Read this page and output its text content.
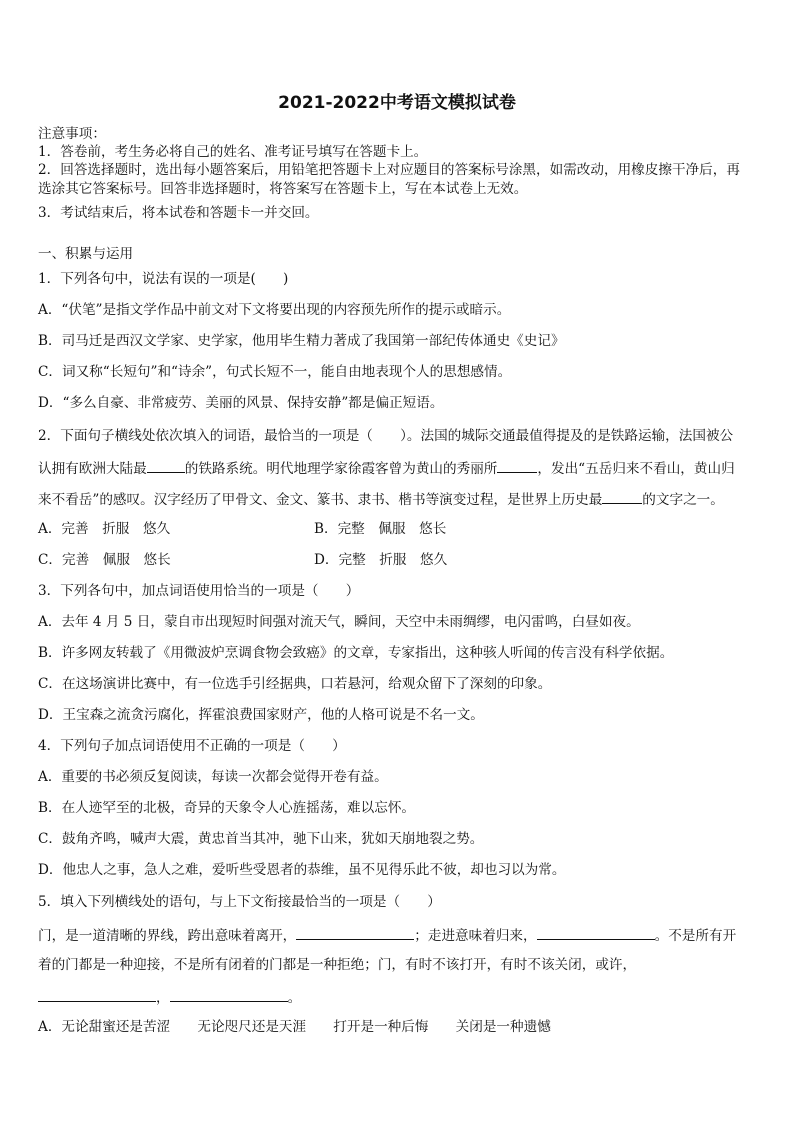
2021-2022中考语文模拟试卷
注意事项：
1．答卷前，考生务必将自己的姓名、准考证号填写在答题卡上。
2．回答选择题时，选出每小题答案后，用铅笔把答题卡上对应题目的答案标号涂黑，如需改动，用橡皮擦干净后，再
选涂其它答案标号。回答非选择题时，将答案写在答题卡上，写在本试卷上无效。
3．考试结束后，将本试卷和答题卡一并交回。
一、积累与运用
1．下列各句中，说法有误的一项是(　　)
A．“伏笔”是指文学作品中前文对下文将要出现的内容预先所作的提示或暗示。
B．司马迁是西汉文学家、史学家，他用毕生精力著成了我国第一部纪传体通史《史记》
C．词又称“长短句”和“诗余”，句式长短不一，能自由地表现个人的思想感情。
D．“多么自豪、非常疲劳、美丽的风景、保持安静”都是偏正短语。
2．下面句子横线处依次填入的词语，最恰当的一项是（　　）。法国的城际交通最值得提及的是铁路运输，法国被公
认拥有欧洲大陆最	的铁路系统。明代地理学家徐霞客曾为黄山的秀丽所	，发出“五岳归来不看山，黄山归
来不看岳”的感叹。汉字经历了甲骨文、金文、篆书、隶书、楷书等演变过程，是世界上历史最	的文字之一。
A．完善　折服　悠久	B．完整　佩服　悠长
C．完善　佩服　悠长	D．完整　折服　悠久
3．下列各句中，加点词语使用恰当的一项是（　　）
A．去年 4 月 5 日，蒙自市出现短时间强对流天气，瞬间，天空中未雨绸缪，电闪雷鸣，白昼如夜。
B．许多网友转载了《用微波炉烹调食物会致癌》的文章，专家指出，这种骇人听闻的传言没有科学依据。
C．在这场演讲比赛中，有一位选手引经据典，口若悬河，给观众留下了深刻的印象。
D．王宝森之流贪污腐化，挥霍浪费国家财产，他的人格可说是不名一文。
4．下列句子加点词语使用不正确的一项是（　　）
A．重要的书必须反复阅读，每读一次都会觉得开卷有益。
B．在人迹罕至的北极，奇异的天象令人心旌摇荡，难以忘怀。
C．鼓角齐鸣，喊声大震，黄忠首当其冲，驰下山来，犹如天崩地裂之势。
D．他忠人之事，急人之难，爱听些受恩者的恭维，虽不见得乐此不彼，却也习以为常。
5．填入下列横线处的语句，与上下文衔接最恰当的一项是（　　）
门，是一道清晰的界线，跨出意味着离开，	；走进意味着归来，	。不是所有开
着的门都是一种迎接，不是所有闭着的门都是一种拒绝；门，有时不该打开，有时不该关闭，或许，
，	。
A．无论甜蜜还是苦涩　　无论咫尺还是天涯　　打开是一种后悔　　关闭是一种遗憾
